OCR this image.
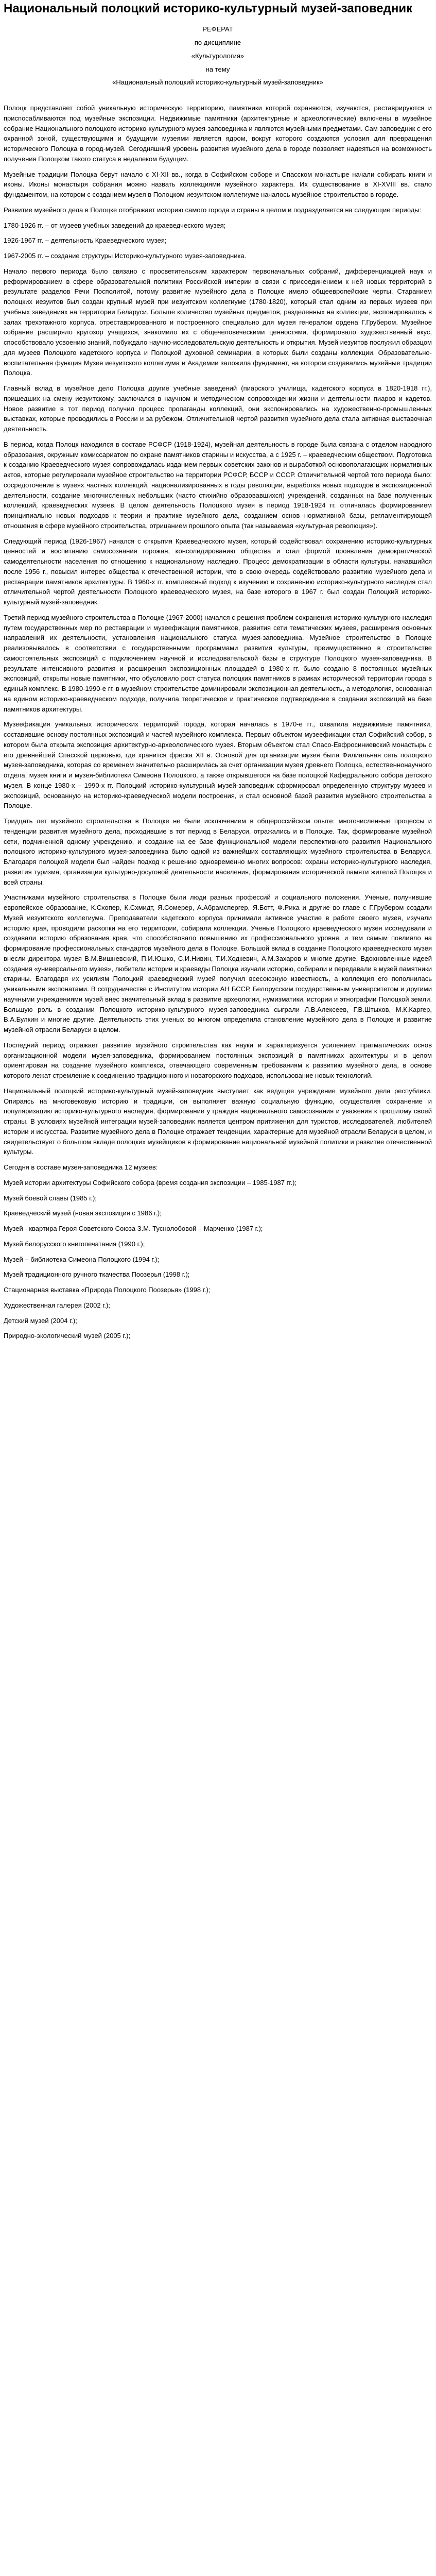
Национальный полоцкий историко-культурный музей-заповедник
РЕФЕРАТ
по дисциплине
«Культурология»
на тему
«Национальный полоцкий историко-культурный музей-заповедник»

Полоцк представляет собой уникальную историческую территорию, памятники которой охраняются, изучаются, реставрируются и приспосабливаются под музейные экспозиции. Недвижимые памятники (архитектурные и археологические) включены в музейное собрание Национального полоцкого историко-культурного музея-заповедника и являются музейными предметами. Сам заповедник с его охранной зоной, существующими и будущими музеями является ядром, вокруг которого создаются условия для превращения исторического Полоцка в город-музей. Сегодняшний уровень развития музейного дела в городе позволяет надеяться на возможность получения Полоцком такого статуса в недалеком будущем.

Музейные традиции Полоцка берут начало с XI-XII вв., когда в Софийском соборе и Спасском монастыре начали собирать книги и иконы. Иконы монастыря собрания можно назвать коллекциями музейного характера. Их существование в XI-XVIII вв. стало фундаментом, на котором с созданием музея в Полоцком иезуитском коллегиуме началось музейное строительство в городе.

Развитие музейного дела в Полоцке отображает историю самого города и страны в целом и подразделяется на следующие периоды:

1780-1926 гг. – от музеев учебных заведений до краеведческого музея;

1926-1967 гг. – деятельность Краеведческого музея;

1967-2005 гг. – создание структуры Историко-культурного музея-заповедника.

Начало первого периода было связано с просветительским характером первоначальных собраний, дифференциацией наук и реформированием в сфере образовательной политики Российской империи в связи с присоединением к ней новых территорий в результате разделов Речи Посполитой, потому развитие музейного дела в Полоцке имело общеевропейские черты. Старанием полоцких иезуитов был создан крупный музей при иезуитском коллегиуме (1780-1820), который стал одним из первых музеев при учебных заведениях на территории Беларуси. Больше количество музейных предметов, разделенных на коллекции, экспонировалось в залах трехэтажного корпуса, отреставрированного и построенного специально для музея генералом ордена Г.Грубером. Музейное собрание расширяло кругозор учащихся, знакомило их с общечеловеческими ценностями, формировало художественный вкус, способствовало усвоению знаний, побуждало научно-исследовательскую деятельность и открытия. Музей иезуитов послужил образцом для музеев Полоцкого кадетского корпуса и Полоцкой духовной семинарии, в которых были созданы коллекции. Образовательно-воспитательная функция Музея иезуитского коллегиума и Академии заложила фундамент, на котором создавались музейные традиции Полоцка.

Главный вклад в музейное дело Полоцка другие учебные заведений (пиарского училища, кадетского корпуса в 1820-1918 гг.), пришедших на смену иезуитскому, заключался в научном и методическом сопровождении жизни и деятельности пиаров и кадетов. Новое развитие в тот период получил процесс пропаганды коллекций, они экспонировались на художественно-промышленных выставках, которые проводились в России и за рубежом. Отличительной чертой развития музейного дела стала активная выставочная деятельность.

В период, когда Полоцк находился в составе РСФСР (1918-1924), музейная деятельность в городе была связана с отделом народного образования, окружным комиссариатом по охране памятников старины и искусства, а с 1925 г. – краеведческим обществом. Подготовка к созданию Краеведческого музея сопровождалась изданием первых советских законов и выработкой основополагающих нормативных актов, которые регулировали музейное строительство на территории РСФСР, БССР и СССР. Отличительной чертой того периода было: сосредоточение в музеях частных коллекций, национализированных в годы революции, выработка новых подходов в экспозиционной деятельности, создание многочисленных небольших (часто стихийно образовавшихся) учреждений, созданных на базе полученных коллекций, краеведческих музеев. В целом деятельность Полоцкого музея в период 1918-1924 гг. отличалась формированием принципиально новых подходов к теории и практике музейного дела, созданием основ нормативной базы, регламентирующей отношения в сфере музейного строительства, отрицанием прошлого опыта (так называемая «культурная революция»).

Следующий период (1926-1967) начался с открытия Краеведческого музея, который содействовал сохранению историко-культурных ценностей и воспитанию самосознания горожан, консолидированию общества и стал формой проявления демократической самодеятельности населения по отношению к национальному наследию. Процесс демократизации в области культуры, начавшийся после 1956 г., повысил интерес общества к отечественной истории, что в свою очередь содействовало развитию музейного дела и реставрации памятников архитектуры. В 1960-х гг. комплексный подход к изучению и сохранению историко-культурного наследия стал отличительной чертой деятельности Полоцкого краеведческого музея, на базе которого в 1967 г. был создан Полоцкий историко-культурный музей-заповедник.

Третий период музейного строительства в Полоцке (1967-2000) начался с решения проблем сохранения историко-культурного наследия путем государственных мер по реставрации и музеефикации памятников, развития сети тематических музеев, расширения основных направлений их деятельности, установления национального статуса музея-заповедника. Музейное строительство в Полоцке реализовывалось в соответствии с государственными программами развития культуры, преимущественно в строительстве самостоятельных экспозиций с подключением научной и исследовательской базы в структуре Полоцкого музея-заповедника. В результате интенсивного развития и расширения экспозиционных площадей в 1980-х гг. было создано 8 постоянных музейных экспозиций, открыты новые памятники, что обусловило рост статуса полоцких памятников в рамках исторической территории города в единый комплекс. В 1980-1990-е гг. в музейном строительстве доминировали экспозиционная деятельность, а методология, основанная на едином историко-краеведческом подходе, получила теоретическое и практическое подтверждение в создании экспозиций на базе памятников архитектуры.

Музеефикация уникальных исторических территорий города, которая началась в 1970-е гг., охватила недвижимые памятники, составившие основу постоянных экспозиций и частей музейного комплекса. Первым объектом музеефикации стал Софийский собор, в котором была открыта экспозиция архитектурно-археологического музея. Вторым объектом стал Спасо-Евфросиниевский монастырь с его древнейшей Спасской церковью, где хранится фреска XII в. Основой для организации музея была Филиальная сеть полоцкого музея-заповедника, которая со временем значительно расширилась за счет организации музея древнего Полоцка, естественнонаучного отдела, музея книги и музея-библиотеки Симеона Полоцкого, а также открывшегося на базе полоцкой Кафедрального собора детского музея. В конце 1980-х – 1990-х гг. Полоцкий историко-культурный музей-заповедник сформировал определенную структуру музеев и экспозиций, основанную на историко-краеведческой модели построения, и стал основной базой развития музейного строительства в Полоцке.

Тридцать лет музейного строительства в Полоцке не были исключением в общероссийском опыте: многочисленные процессы и тенденции развития музейного дела, проходившие в тот период в Беларуси, отражались и в Полоцке. Так, формирование музейной сети, подчиненной одному учреждению, и создание на ее базе функциональной модели перспективного развития Национального полоцкого историко-культурного музея-заповедника было одной из важнейших составляющих музейного строительства в Беларуси. Благодаря полоцкой модели был найден подход к решению одновременно многих вопросов: охраны историко-культурного наследия, развития туризма, организации культурно-досуговой деятельности населения, формирования исторической памяти жителей Полоцка и всей страны.

Участниками музейного строительства в Полоцке были люди разных профессий и социального положения. Ученые, получившие европейское образование, К.Схопер, К.Схмидт, Я.Сомерер, А.Абрамспергер, Я.Ботт, Ф.Рика и другие во главе с Г.Грубером создали Музей иезуитского коллегиума. Преподаватели кадетского корпуса принимали активное участие в работе своего музея, изучали историю края, проводили раскопки на его территории, собирали коллекции. Ученые Полоцкого краеведческого музея исследовали и создавали историю образования края, что способствовало повышению их профессионального уровня, и тем самым повлияло на формирование профессиональных стандартов музейного дела в Полоцке. Большой вклад в создание Полоцкого краеведческого музея внесли директора музея В.М.Вишневский, П.И.Юшко, С.И.Нивин, Т.И.Ходкевич, А.М.Захаров и многие другие. Вдохновленные идеей создания «универсального музея», любители истории и краеведы Полоцка изучали историю, собирали и передавали в музей памятники старины. Благодаря их усилиям Полоцкий краеведческий музей получил всесоюзную известность, а коллекция его пополнилась уникальными экспонатами. В сотрудничестве с Институтом истории АН БССР, Белорусским государственным университетом и другими научными учреждениями музей внес значительный вклад в развитие археологии, нумизматики, истории и этнографии Полоцкой земли. Большую роль в создании Полоцкого историко-культурного музея-заповедника сыграли Л.В.Алексеев, Г.В.Штыхов, М.К.Каргер, В.А.Булкин и многие другие. Деятельность этих ученых во многом определила становление музейного дела в Полоцке и развитие музейной отрасли Беларуси в целом.

Последний период отражает развитие музейного строительства как науки и характеризуется усилением прагматических основ организационной модели музея-заповедника, формированием постоянных экспозиций в памятниках архитектуры и в целом ориентирован на создание музейного комплекса, отвечающего современным требованиям к развитию музейного дела, в основе которого лежат стремление к соединению традиционного и новаторского подходов, использование новых технологий.

Национальный полоцкий историко-культурный музей-заповедник выступает как ведущее учреждение музейного дела республики. Опираясь на многовековую историю и традиции, он выполняет важную социальную функцию, осуществляя сохранение и популяризацию историко-культурного наследия, формирование у граждан национального самосознания и уважения к прошлому своей страны. В условиях музейной интеграции музей-заповедник является центром притяжения для туристов, исследователей, любителей истории и искусства. Развитие музейного дела в Полоцке отражает тенденции, характерные для музейной отрасли Беларуси в целом, и свидетельствует о большом вкладе полоцких музейщиков в формирование национальной музейной политики и развитие отечественной культуры.

Сегодня в составе музея-заповедника 12 музеев:

Музей истории архитектуры Софийского собора (время создания экспозиции – 1985-1987 гг.);

Музей боевой славы (1985 г.);

Краеведческий музей (новая экспозиция с 1986 г.);

Музей - квартира Героя Советского Союза З.М. Туснолобовой – Марченко (1987 г.);

Музей белорусского книгопечатания (1990 г.);

Музей – библиотека Симеона Полоцкого (1994 г.);

Музей традиционного ручного ткачества Поозерья (1998 г.);

Стационарная выставка «Природа Полоцкого Поозерья» (1998 г.);

Художественная галерея (2002 г.);

Детский музей (2004 г.);

Природно-экологический музей (2005 г.);
